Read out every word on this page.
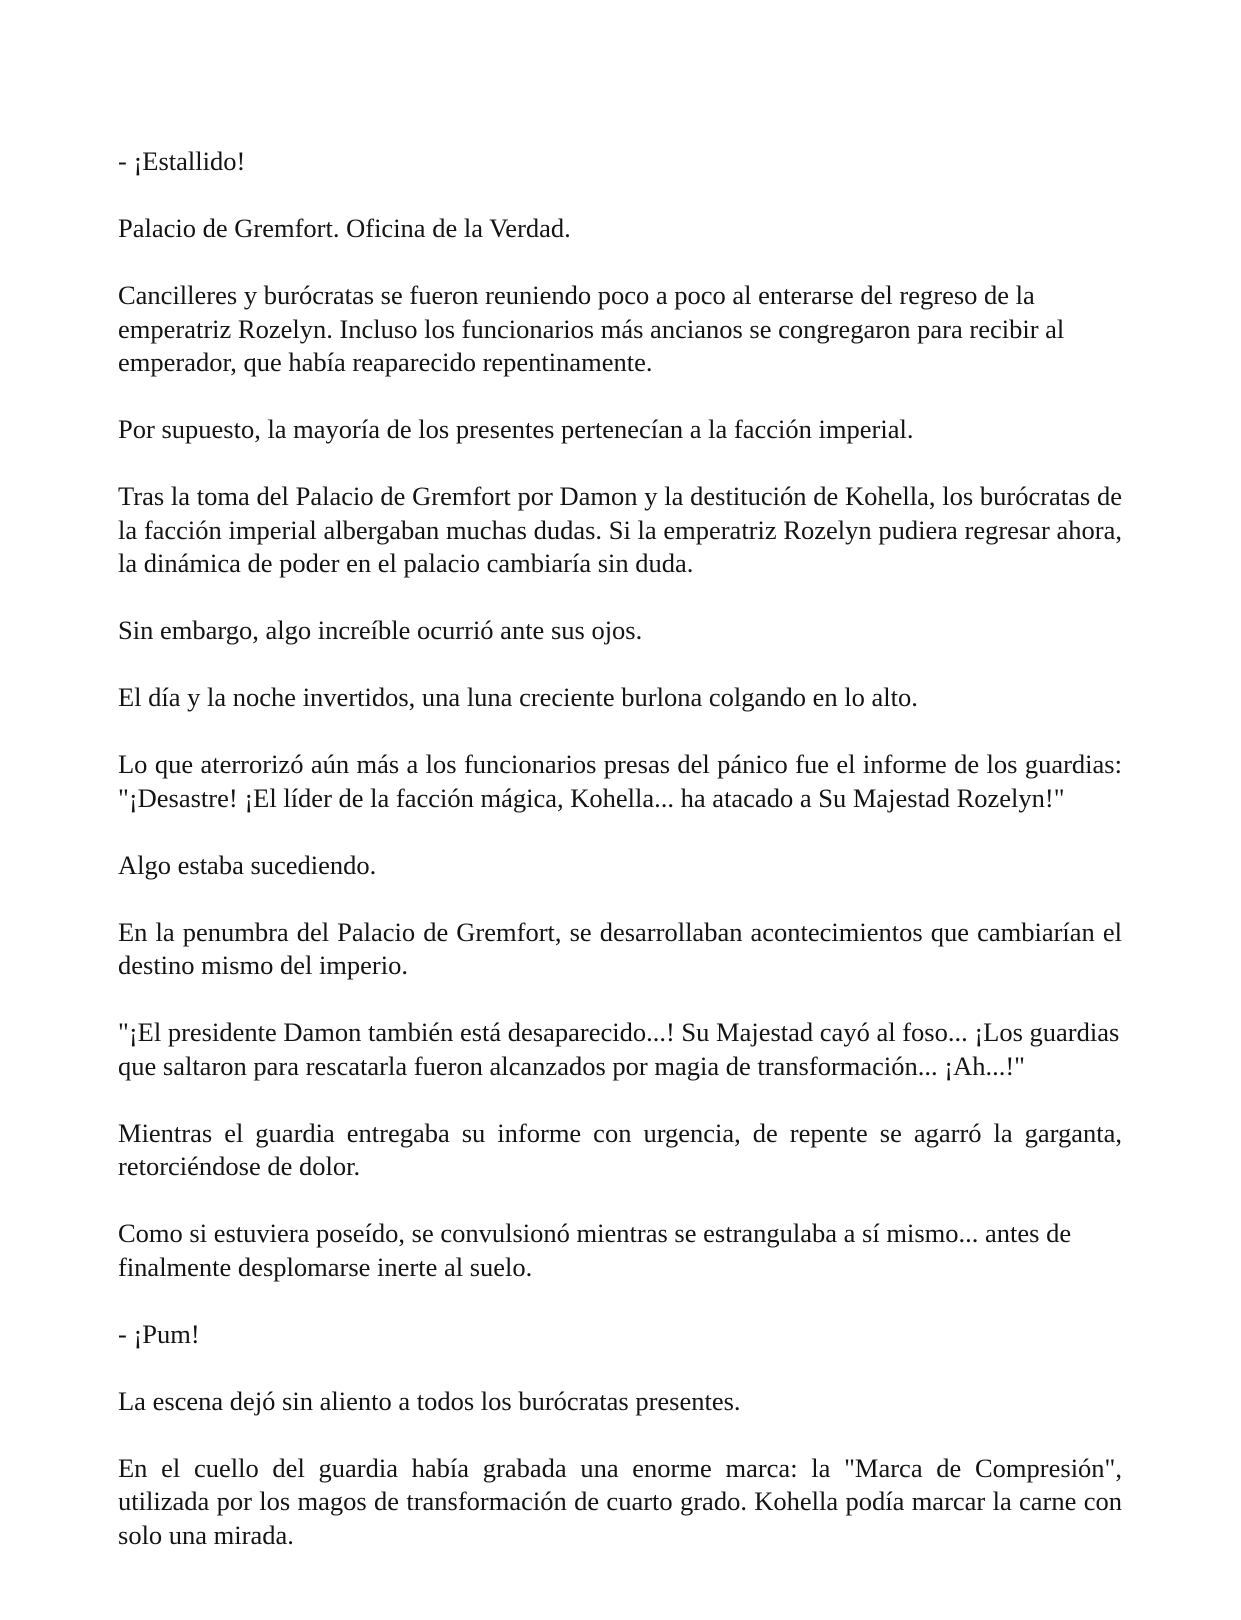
- ¡Estallido!

Palacio de Gremfort. Oficina de la Verdad.

Cancilleres y burócratas se fueron reuniendo poco a poco al enterarse del regreso de la emperatriz Rozelyn. Incluso los funcionarios más ancianos se congregaron para recibir al emperador, que había reaparecido repentinamente.

Por supuesto, la mayoría de los presentes pertenecían a la facción imperial.

Tras la toma del Palacio de Gremfort por Damon y la destitución de Kohella, los burócratas de la facción imperial albergaban muchas dudas. Si la emperatriz Rozelyn pudiera regresar ahora, la dinámica de poder en el palacio cambiaría sin duda.

Sin embargo, algo increíble ocurrió ante sus ojos.

El día y la noche invertidos, una luna creciente burlona colgando en lo alto.

Lo que aterrorizó aún más a los funcionarios presas del pánico fue el informe de los guardias: "¡Desastre! ¡El líder de la facción mágica, Kohella... ha atacado a Su Majestad Rozelyn!"

Algo estaba sucediendo.

En la penumbra del Palacio de Gremfort, se desarrollaban acontecimientos que cambiarían el destino mismo del imperio.

"¡El presidente Damon también está desaparecido...! Su Majestad cayó al foso... ¡Los guardias que saltaron para rescatarla fueron alcanzados por magia de transformación... ¡Ah...!"

Mientras el guardia entregaba su informe con urgencia, de repente se agarró la garganta, retorciéndose de dolor.

Como si estuviera poseído, se convulsionó mientras se estrangulaba a sí mismo... antes de finalmente desplomarse inerte al suelo.

- ¡Pum!

La escena dejó sin aliento a todos los burócratas presentes.

En el cuello del guardia había grabada una enorme marca: la "Marca de Compresión", utilizada por los magos de transformación de cuarto grado. Kohella podía marcar la carne con solo una mirada.
